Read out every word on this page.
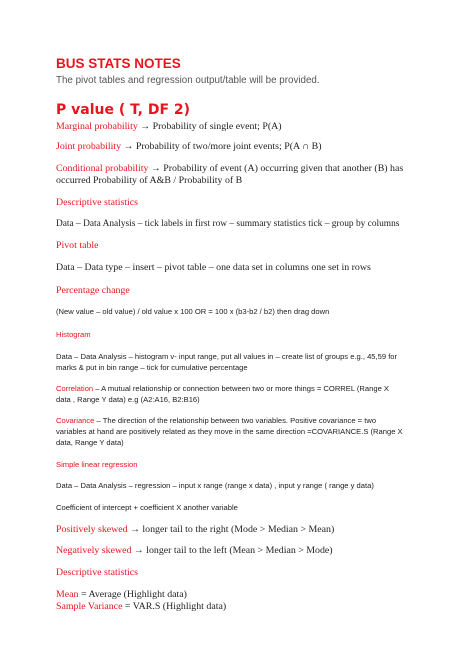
BUS STATS NOTES
The pivot tables and regression output/table will be provided.
P value ( T, DF 2)

Marginal probability → Probability of single event; P(A)

Joint probability → Probability of two/more joint events; P(A ∩ B)

Conditional probability → Probability of event (A) occurring given that another (B) has

occurred Probability of A&B / Probability of B

Descriptive statistics

Data – Data Analysis – tick labels in first row – summary statistics tick – group by columns

Pivot table

Data – Data type – insert – pivot table – one data set in columns one set in rows

Percentage change

(New value – old value) / old value x 100 OR = 100 x (b3-b2 / b2) then drag down

Histogram

Data – Data Analysis – histogram v- input range, put all values in – create list of groups e.g., 45,59 for

marks & put in bin range – tick for cumulative percentage

Correlation – A mutual relationship or connection between two or more things = CORREL (Range X

data , Range Y data) e.g (A2:A16, B2:B16)

Covariance – The direction of the relationship between two variables. Positive covariance = two

variables at hand are positively related as they move in the same direction =COVARIANCE.S (Range X

data, Range Y data)

Simple linear regression

Data – Data Analysis – regression – input x range (range x data) , input y range ( range y data)

Coefficient of intercept + coefficient X another variable

Positively skewed → longer tail to the right (Mode > Median > Mean)

Negatively skewed → longer tail to the left (Mean > Median > Mode)

Descriptive statistics

Mean = Average (Highlight data)

Sample Variance = VAR.S (Highlight data)
